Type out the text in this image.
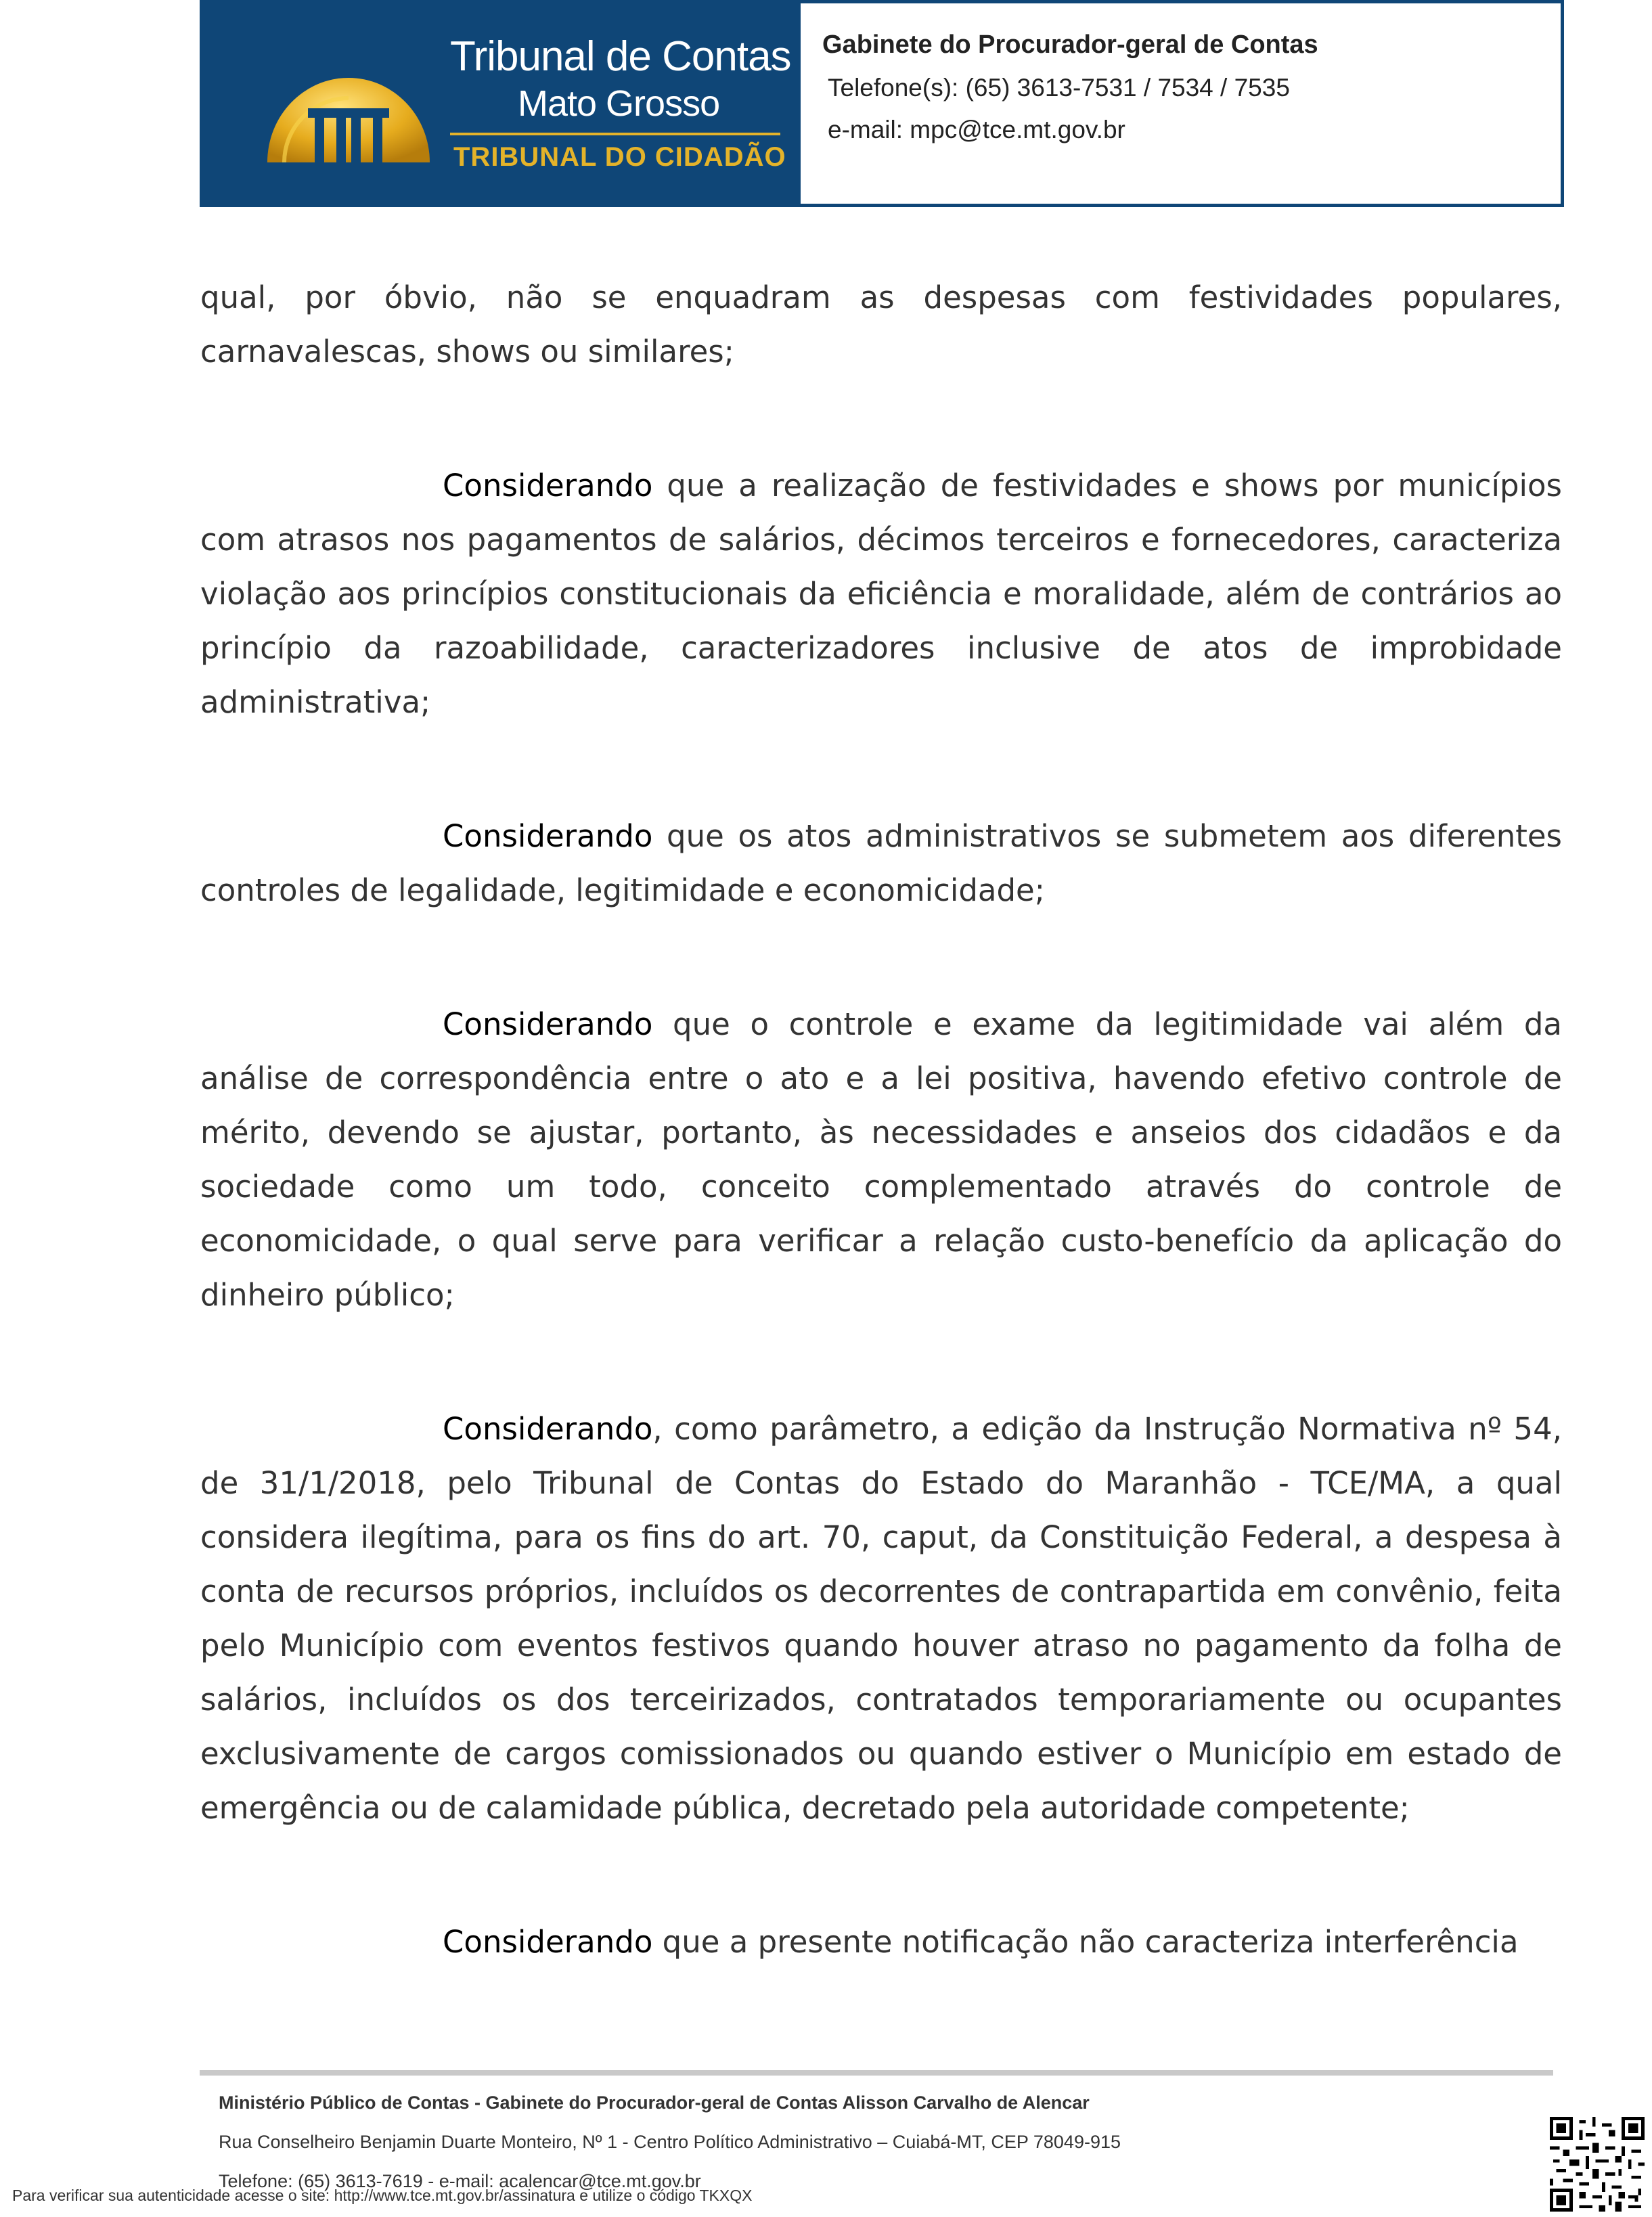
Tribunal de Contas
Mato Grosso
TRIBUNAL DO CIDADÃO
Gabinete do Procurador-geral de Contas
Telefone(s): (65) 3613-7531 / 7534 / 7535
e-mail: mpc@tce.mt.gov.br

qual, por óbvio, não se enquadram as despesas com festividades populares, carnavalescas, shows ou similares;

Considerando que a realização de festividades e shows por municípios com atrasos nos pagamentos de salários, décimos terceiros e fornecedores, caracteriza violação aos princípios constitucionais da eficiência e moralidade, além de contrários ao princípio da razoabilidade, caracterizadores inclusive de atos de improbidade administrativa;

Considerando que os atos administrativos se submetem aos diferentes controles de legalidade, legitimidade e economicidade;

Considerando que o controle e exame da legitimidade vai além da análise de correspondência entre o ato e a lei positiva, havendo efetivo controle de mérito, devendo se ajustar, portanto, às necessidades e anseios dos cidadãos e da sociedade como um todo, conceito complementado através do controle de economicidade, o qual serve para verificar a relação custo-benefício da aplicação do dinheiro público;

Considerando, como parâmetro, a edição da Instrução Normativa nº 54, de 31/1/2018, pelo Tribunal de Contas do Estado do Maranhão - TCE/MA, a qual considera ilegítima, para os fins do art. 70, caput, da Constituição Federal, a despesa à conta de recursos próprios, incluídos os decorrentes de contrapartida em convênio, feita pelo Município com eventos festivos quando houver atraso no pagamento da folha de salários, incluídos os dos terceirizados, contratados temporariamente ou ocupantes exclusivamente de cargos comissionados ou quando estiver o Município em estado de emergência ou de calamidade pública, decretado pela autoridade competente;

Considerando que a presente notificação não caracteriza interferência

Ministério Público de Contas - Gabinete do Procurador-geral de Contas Alisson Carvalho de Alencar
Rua Conselheiro Benjamin Duarte Monteiro, Nº 1 - Centro Político Administrativo – Cuiabá-MT, CEP 78049-915
Telefone: (65) 3613-7619 - e-mail: acalencar@tce.mt.gov.br
Para verificar sua autenticidade acesse o site: http://www.tce.mt.gov.br/assinatura e utilize o código TKXQX
